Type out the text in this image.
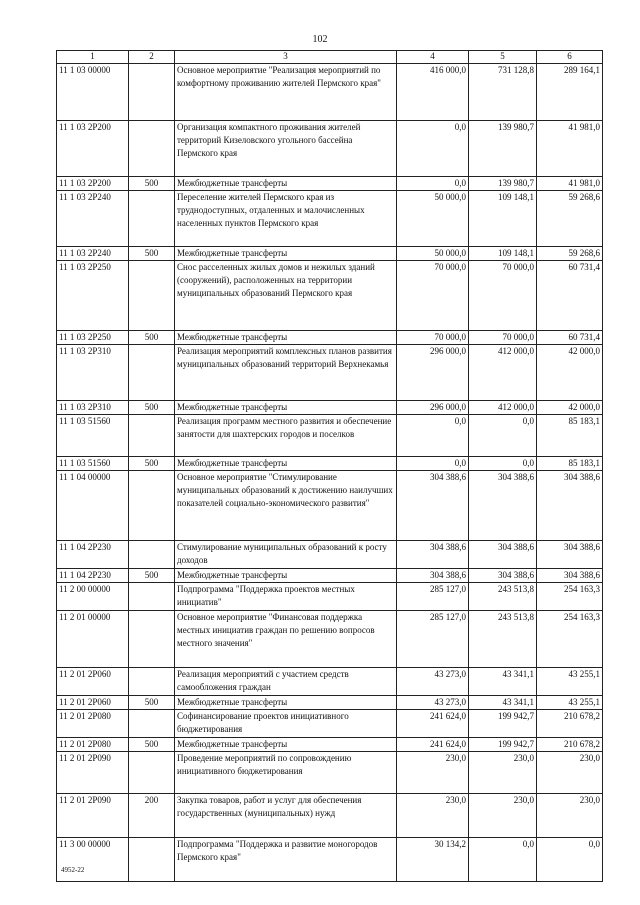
102
1	2	3	4	5	6
11 1 03 00000		Основное мероприятие "Реализация мероприятий по комфортному проживанию жителей Пермского края"	416 000,0	731 128,8	289 164,1
11 1 03 2P200		Организация компактного проживания жителей территорий Кизеловского угольного бассейна Пермского края	0,0	139 980,7	41 981,0
11 1 03 2P200	500	Межбюджетные трансферты	0,0	139 980,7	41 981,0
11 1 03 2P240		Переселение жителей Пермского края из труднодоступных, отдаленных и малочисленных населенных пунктов Пермского края	50 000,0	109 148,1	59 268,6
11 1 03 2P240	500	Межбюджетные трансферты	50 000,0	109 148,1	59 268,6
11 1 03 2P250		Снос расселенных жилых домов и нежилых зданий (сооружений), расположенных на территории муниципальных образований Пермского края	70 000,0	70 000,0	60 731,4
11 1 03 2P250	500	Межбюджетные трансферты	70 000,0	70 000,0	60 731,4
11 1 03 2P310		Реализация мероприятий комплексных планов развития муниципальных образований территорий Верхнекамья	296 000,0	412 000,0	42 000,0
11 1 03 2P310	500	Межбюджетные трансферты	296 000,0	412 000,0	42 000,0
11 1 03 51560		Реализация программ местного развития и обеспечение занятости для шахтерских городов и поселков	0,0	0,0	85 183,1
11 1 03 51560	500	Межбюджетные трансферты	0,0	0,0	85 183,1
11 1 04 00000		Основное мероприятие "Стимулирование муниципальных образований к достижению наилучших показателей социально-экономического развития"	304 388,6	304 388,6	304 388,6
11 1 04 2P230		Стимулирование муниципальных образований к росту доходов	304 388,6	304 388,6	304 388,6
11 1 04 2P230	500	Межбюджетные трансферты	304 388,6	304 388,6	304 388,6
11 2 00 00000		Подпрограмма "Поддержка проектов местных инициатив"	285 127,0	243 513,8	254 163,3
11 2 01 00000		Основное мероприятие "Финансовая поддержка местных инициатив граждан по решению вопросов местного значения"	285 127,0	243 513,8	254 163,3
11 2 01 2P060		Реализация мероприятий с участием средств самообложения граждан	43 273,0	43 341,1	43 255,1
11 2 01 2P060	500	Межбюджетные трансферты	43 273,0	43 341,1	43 255,1
11 2 01 2P080		Софинансирование проектов инициативного бюджетирования	241 624,0	199 942,7	210 678,2
11 2 01 2P080	500	Межбюджетные трансферты	241 624,0	199 942,7	210 678,2
11 2 01 2P090		Проведение мероприятий по сопровождению инициативного бюджетирования	230,0	230,0	230,0
11 2 01 2P090	200	Закупка товаров, работ и услуг для обеспечения государственных (муниципальных) нужд	230,0	230,0	230,0
11 3 00 00000		Подпрограмма "Поддержка и развитие моногородов Пермского края"	30 134,2	0,0	0,0
4952-22
